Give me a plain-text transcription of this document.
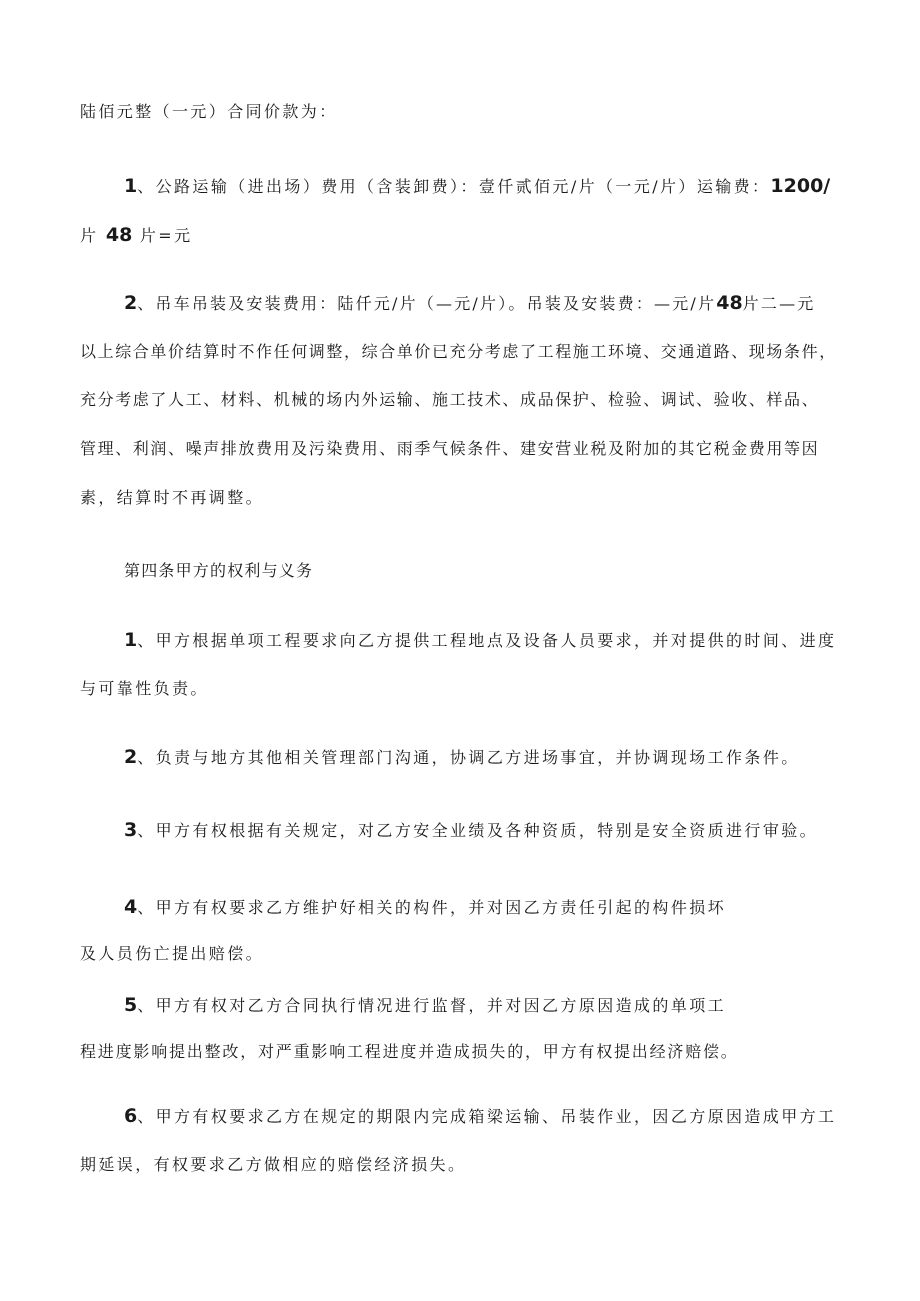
陆佰元整（一元）合同价款为：
1、公路运输（进出场）费用（含装卸费）：壹仟贰佰元/片（一元/片）运输费：1200/
片 48 片=元
2、吊车吊装及安装费用：陆仟元/片（—元/片）。吊装及安装费：—元/片48片二—元
以上综合单价结算时不作任何调整，综合单价已充分考虑了工程施工环境、交通道路、现场条件，
充分考虑了人工、材料、机械的场内外运输、施工技术、成品保护、检验、调试、验收、样品、
管理、利润、噪声排放费用及污染费用、雨季气候条件、建安营业税及附加的其它税金费用等因
素，结算时不再调整。
第四条甲方的权利与义务
1、甲方根据单项工程要求向乙方提供工程地点及设备人员要求，并对提供的时间、进度
与可靠性负责。
2、负责与地方其他相关管理部门沟通，协调乙方进场事宜，并协调现场工作条件。
3、甲方有权根据有关规定，对乙方安全业绩及各种资质，特别是安全资质进行审验。
4、甲方有权要求乙方维护好相关的构件，并对因乙方责任引起的构件损坏
及人员伤亡提出赔偿。
5、甲方有权对乙方合同执行情况进行监督，并对因乙方原因造成的单项工
程进度影响提出整改，对严重影响工程进度并造成损失的，甲方有权提出经济赔偿。
6、甲方有权要求乙方在规定的期限内完成箱梁运输、吊装作业，因乙方原因造成甲方工
期延误，有权要求乙方做相应的赔偿经济损失。
